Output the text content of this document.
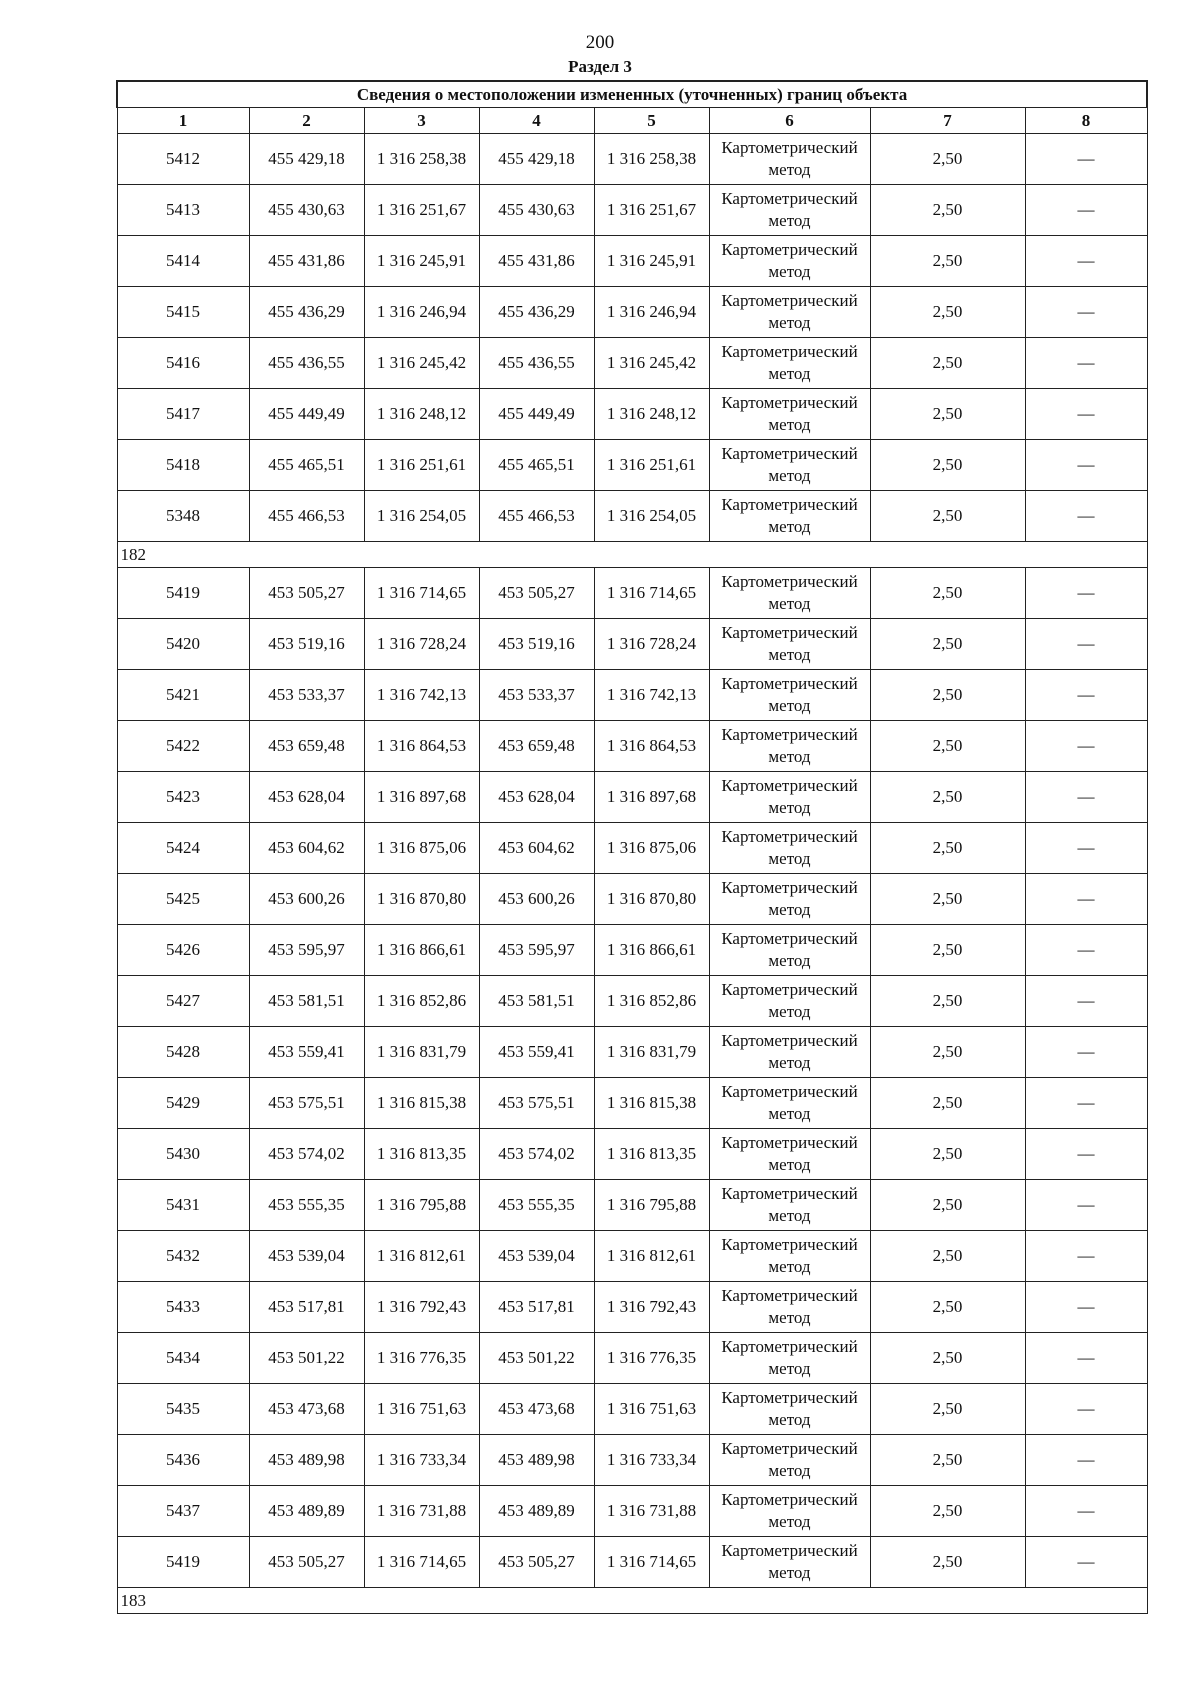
200
Раздел 3
Сведения о местоположении измененных (уточненных) границ объекта							
1	2	3	4	5	6	7	8
5412	455 429,18	1 316 258,38	455 429,18	1 316 258,38	Картометрический метод	2,50	—
5413	455 430,63	1 316 251,67	455 430,63	1 316 251,67	Картометрический метод	2,50	—
5414	455 431,86	1 316 245,91	455 431,86	1 316 245,91	Картометрический метод	2,50	—
5415	455 436,29	1 316 246,94	455 436,29	1 316 246,94	Картометрический метод	2,50	—
5416	455 436,55	1 316 245,42	455 436,55	1 316 245,42	Картометрический метод	2,50	—
5417	455 449,49	1 316 248,12	455 449,49	1 316 248,12	Картометрический метод	2,50	—
5418	455 465,51	1 316 251,61	455 465,51	1 316 251,61	Картометрический метод	2,50	—
5348	455 466,53	1 316 254,05	455 466,53	1 316 254,05	Картометрический метод	2,50	—
182							
5419	453 505,27	1 316 714,65	453 505,27	1 316 714,65	Картометрический метод	2,50	—
5420	453 519,16	1 316 728,24	453 519,16	1 316 728,24	Картометрический метод	2,50	—
5421	453 533,37	1 316 742,13	453 533,37	1 316 742,13	Картометрический метод	2,50	—
5422	453 659,48	1 316 864,53	453 659,48	1 316 864,53	Картометрический метод	2,50	—
5423	453 628,04	1 316 897,68	453 628,04	1 316 897,68	Картометрический метод	2,50	—
5424	453 604,62	1 316 875,06	453 604,62	1 316 875,06	Картометрический метод	2,50	—
5425	453 600,26	1 316 870,80	453 600,26	1 316 870,80	Картометрический метод	2,50	—
5426	453 595,97	1 316 866,61	453 595,97	1 316 866,61	Картометрический метод	2,50	—
5427	453 581,51	1 316 852,86	453 581,51	1 316 852,86	Картометрический метод	2,50	—
5428	453 559,41	1 316 831,79	453 559,41	1 316 831,79	Картометрический метод	2,50	—
5429	453 575,51	1 316 815,38	453 575,51	1 316 815,38	Картометрический метод	2,50	—
5430	453 574,02	1 316 813,35	453 574,02	1 316 813,35	Картометрический метод	2,50	—
5431	453 555,35	1 316 795,88	453 555,35	1 316 795,88	Картометрический метод	2,50	—
5432	453 539,04	1 316 812,61	453 539,04	1 316 812,61	Картометрический метод	2,50	—
5433	453 517,81	1 316 792,43	453 517,81	1 316 792,43	Картометрический метод	2,50	—
5434	453 501,22	1 316 776,35	453 501,22	1 316 776,35	Картометрический метод	2,50	—
5435	453 473,68	1 316 751,63	453 473,68	1 316 751,63	Картометрический метод	2,50	—
5436	453 489,98	1 316 733,34	453 489,98	1 316 733,34	Картометрический метод	2,50	—
5437	453 489,89	1 316 731,88	453 489,89	1 316 731,88	Картометрический метод	2,50	—
5419	453 505,27	1 316 714,65	453 505,27	1 316 714,65	Картометрический метод	2,50	—
183							
